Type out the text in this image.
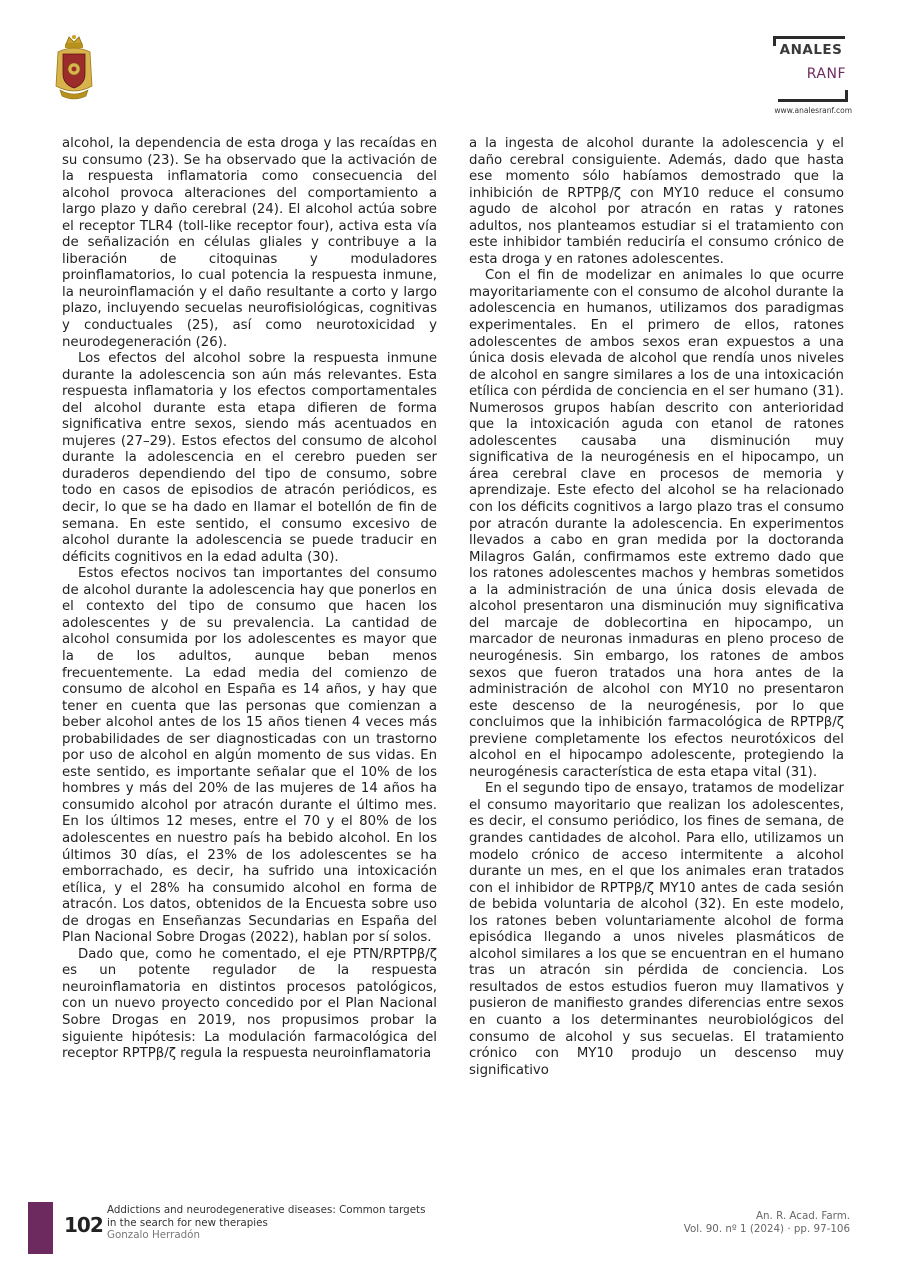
ANALES
RANF
www.analesranf.com

alcohol, la dependencia de esta droga y las recaídas en su consumo (23). Se ha observado que la activación de la respuesta inflamatoria como consecuencia del alcohol provoca alteraciones del comportamiento a largo plazo y daño cerebral (24). El alcohol actúa sobre el receptor TLR4 (toll-like receptor four), activa esta vía de señalización en células gliales y contribuye a la liberación de citoquinas y moduladores proinflamatorios, lo cual potencia la respuesta inmune, la neuroinflamación y el daño resultante a corto y largo plazo, incluyendo secuelas neurofisiológicas, cognitivas y conductuales (25), así como neurotoxicidad y neurodegeneración (26).

Los efectos del alcohol sobre la respuesta inmune durante la adolescencia son aún más relevantes. Esta respuesta inflamatoria y los efectos comportamentales del alcohol durante esta etapa difieren de forma significativa entre sexos, siendo más acentuados en mujeres (27–29). Estos efectos del consumo de alcohol durante la adolescencia en el cerebro pueden ser duraderos dependiendo del tipo de consumo, sobre todo en casos de episodios de atracón periódicos, es decir, lo que se ha dado en llamar el botellón de fin de semana. En este sentido, el consumo excesivo de alcohol durante la adolescencia se puede traducir en déficits cognitivos en la edad adulta (30).

Estos efectos nocivos tan importantes del consumo de alcohol durante la adolescencia hay que ponerlos en el contexto del tipo de consumo que hacen los adolescentes y de su prevalencia. La cantidad de alcohol consumida por los adolescentes es mayor que la de los adultos, aunque beban menos frecuentemente. La edad media del comienzo de consumo de alcohol en España es 14 años, y hay que tener en cuenta que las personas que comienzan a beber alcohol antes de los 15 años tienen 4 veces más probabilidades de ser diagnosticadas con un trastorno por uso de alcohol en algún momento de sus vidas. En este sentido, es importante señalar que el 10% de los hombres y más del 20% de las mujeres de 14 años ha consumido alcohol por atracón durante el último mes. En los últimos 12 meses, entre el 70 y el 80% de los adolescentes en nuestro país ha bebido alcohol. En los últimos 30 días, el 23% de los adolescentes se ha emborrachado, es decir, ha sufrido una intoxicación etílica, y el 28% ha consumido alcohol en forma de atracón. Los datos, obtenidos de la Encuesta sobre uso de drogas en Enseñanzas Secundarias en España del Plan Nacional Sobre Drogas (2022), hablan por sí solos.

Dado que, como he comentado, el eje PTN/RPTPβ/ζ es un potente regulador de la respuesta neuroinflamatoria en distintos procesos patológicos, con un nuevo proyecto concedido por el Plan Nacional Sobre Drogas en 2019, nos propusimos probar la siguiente hipótesis: La modulación farmacológica del receptor RPTPβ/ζ regula la respuesta neuroinflamatoria

a la ingesta de alcohol durante la adolescencia y el daño cerebral consiguiente. Además, dado que hasta ese momento sólo habíamos demostrado que la inhibición de RPTPβ/ζ con MY10 reduce el consumo agudo de alcohol por atracón en ratas y ratones adultos, nos planteamos estudiar si el tratamiento con este inhibidor también reduciría el consumo crónico de esta droga y en ratones adolescentes.

Con el fin de modelizar en animales lo que ocurre mayoritariamente con el consumo de alcohol durante la adolescencia en humanos, utilizamos dos paradigmas experimentales. En el primero de ellos, ratones adolescentes de ambos sexos eran expuestos a una única dosis elevada de alcohol que rendía unos niveles de alcohol en sangre similares a los de una intoxicación etílica con pérdida de conciencia en el ser humano (31). Numerosos grupos habían descrito con anterioridad que la intoxicación aguda con etanol de ratones adolescentes causaba una disminución muy significativa de la neurogénesis en el hipocampo, un área cerebral clave en procesos de memoria y aprendizaje. Este efecto del alcohol se ha relacionado con los déficits cognitivos a largo plazo tras el consumo por atracón durante la adolescencia. En experimentos llevados a cabo en gran medida por la doctoranda Milagros Galán, confirmamos este extremo dado que los ratones adolescentes machos y hembras sometidos a la administración de una única dosis elevada de alcohol presentaron una disminución muy significativa del marcaje de doblecortina en hipocampo, un marcador de neuronas inmaduras en pleno proceso de neurogénesis. Sin embargo, los ratones de ambos sexos que fueron tratados una hora antes de la administración de alcohol con MY10 no presentaron este descenso de la neurogénesis, por lo que concluimos que la inhibición farmacológica de RPTPβ/ζ previene completamente los efectos neurotóxicos del alcohol en el hipocampo adolescente, protegiendo la neurogénesis característica de esta etapa vital (31).

En el segundo tipo de ensayo, tratamos de modelizar el consumo mayoritario que realizan los adolescentes, es decir, el consumo periódico, los fines de semana, de grandes cantidades de alcohol. Para ello, utilizamos un modelo crónico de acceso intermitente a alcohol durante un mes, en el que los animales eran tratados con el inhibidor de RPTPβ/ζ MY10 antes de cada sesión de bebida voluntaria de alcohol (32). En este modelo, los ratones beben voluntariamente alcohol de forma episódica llegando a unos niveles plasmáticos de alcohol similares a los que se encuentran en el humano tras un atracón sin pérdida de conciencia. Los resultados de estos estudios fueron muy llamativos y pusieron de manifiesto grandes diferencias entre sexos en cuanto a los determinantes neurobiológicos del consumo de alcohol y sus secuelas. El tratamiento crónico con MY10 produjo un descenso muy significativo

102
Addictions and neurodegenerative diseases: Common targets
in the search for new therapies
Gonzalo Herradón
An. R. Acad. Farm.
Vol. 90. nº 1 (2024) · pp. 97-106
